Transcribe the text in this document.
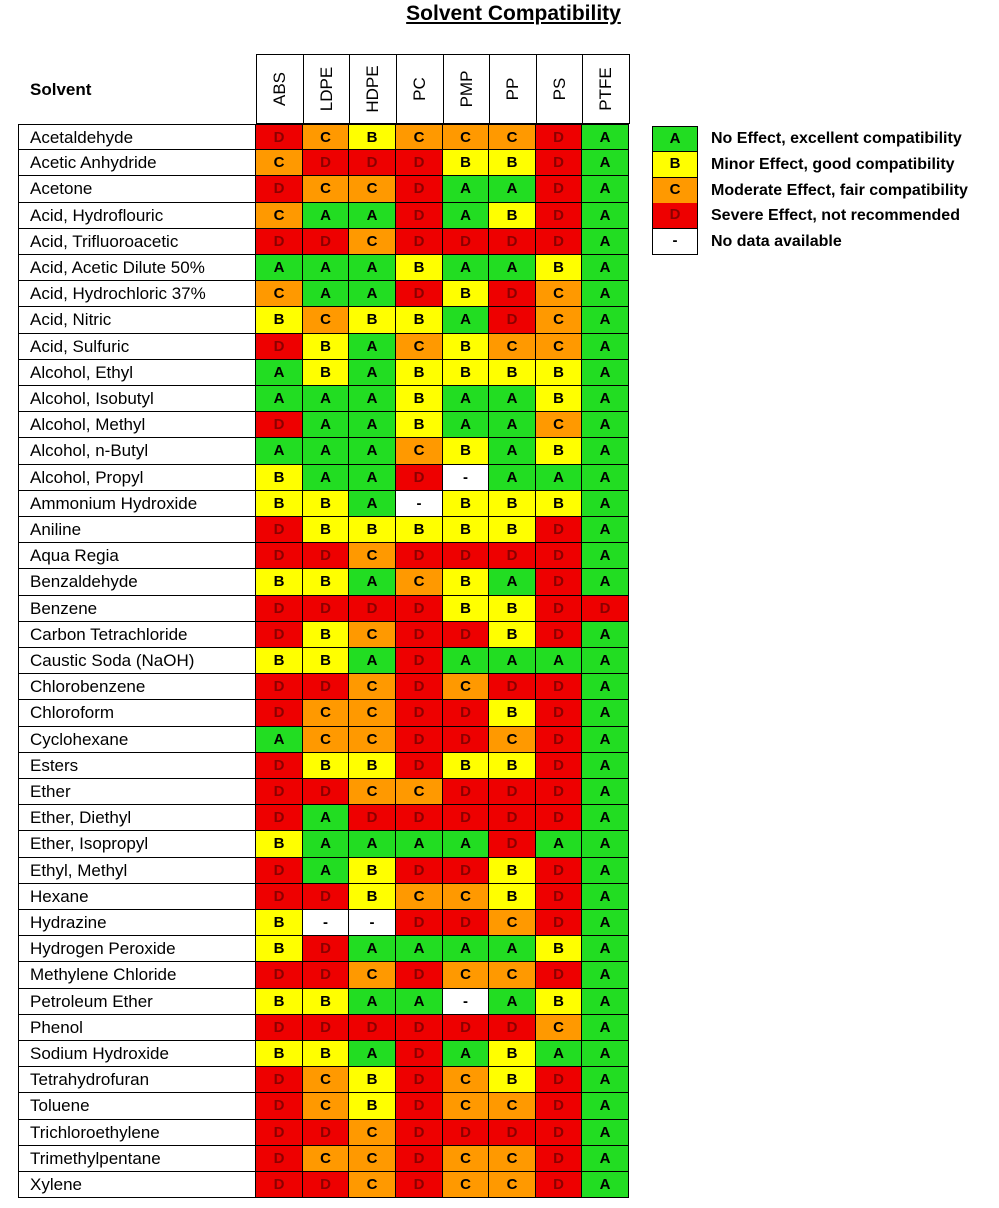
Solvent Compatibility
Solvent	ABS LDPE HDPE PC PMP PP PS PTFE
Acetaldehyde	D	C	B	C	C	C	D	A
Acetic Anhydride	C	D	D	D	B	B	D	A
Acetone	D	C	C	D	A	A	D	A
Acid, Hydroflouric	C	A	A	D	A	B	D	A
Acid, Trifluoroacetic	D	D	C	D	D	D	D	A
Acid, Acetic Dilute 50%	A	A	A	B	A	A	B	A
Acid, Hydrochloric 37%	C	A	A	D	B	D	C	A
Acid, Nitric	B	C	B	B	A	D	C	A
Acid, Sulfuric	D	B	A	C	B	C	C	A
Alcohol, Ethyl	A	B	A	B	B	B	B	A
Alcohol, Isobutyl	A	A	A	B	A	A	B	A
Alcohol, Methyl	D	A	A	B	A	A	C	A
Alcohol, n-Butyl	A	A	A	C	B	A	B	A
Alcohol, Propyl	B	A	A	D	-	A	A	A
Ammonium Hydroxide	B	B	A	-	B	B	B	A
Aniline	D	B	B	B	B	B	D	A
Aqua Regia	D	D	C	D	D	D	D	A
Benzaldehyde	B	B	A	C	B	A	D	A
Benzene	D	D	D	D	B	B	D	D
Carbon Tetrachloride	D	B	C	D	D	B	D	A
Caustic Soda (NaOH)	B	B	A	D	A	A	A	A
Chlorobenzene	D	D	C	D	C	D	D	A
Chloroform	D	C	C	D	D	B	D	A
Cyclohexane	A	C	C	D	D	C	D	A
Esters	D	B	B	D	B	B	D	A
Ether	D	D	C	C	D	D	D	A
Ether, Diethyl	D	A	D	D	D	D	D	A
Ether, Isopropyl	B	A	A	A	A	D	A	A
Ethyl, Methyl	D	A	B	D	D	B	D	A
Hexane	D	D	B	C	C	B	D	A
Hydrazine	B	-	-	D	D	C	D	A
Hydrogen Peroxide	B	D	A	A	A	A	B	A
Methylene Chloride	D	D	C	D	C	C	D	A
Petroleum Ether	B	B	A	A	-	A	B	A
Phenol	D	D	D	D	D	D	C	A
Sodium Hydroxide	B	B	A	D	A	B	A	A
Tetrahydrofuran	D	C	B	D	C	B	D	A
Toluene	D	C	B	D	C	C	D	A
Trichloroethylene	D	D	C	D	D	D	D	A
Trimethylpentane	D	C	C	D	C	C	D	A
Xylene	D	D	C	D	C	C	D	A
A	No Effect, excellent compatibility
B	Minor Effect, good compatibility
C	Moderate Effect, fair compatibility
D	Severe Effect, not recommended
-	No data available
